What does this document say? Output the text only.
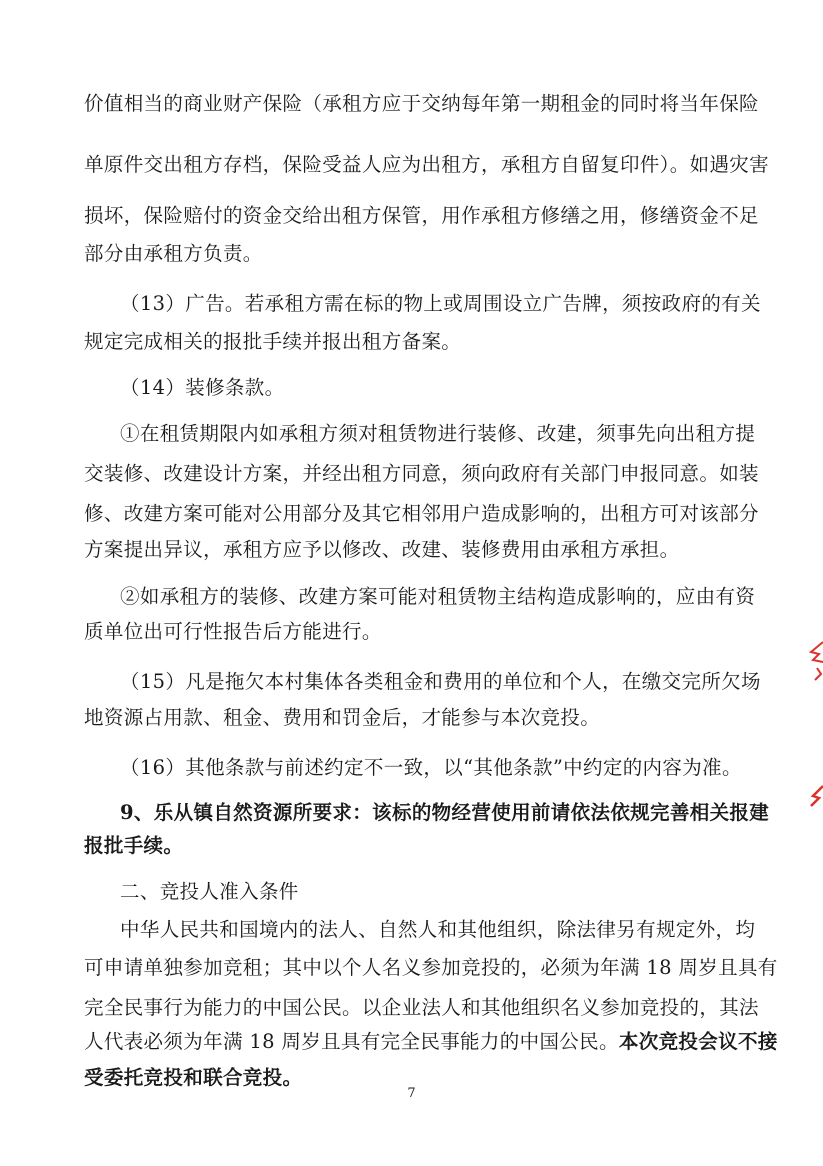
价值相当的商业财产保险（承租方应于交纳每年第一期租金的同时将当年保险
单原件交出租方存档，保险受益人应为出租方，承租方自留复印件）。如遇灾害
损坏，保险赔付的资金交给出租方保管，用作承租方修缮之用，修缮资金不足
部分由承租方负责。
（13）广告。若承租方需在标的物上或周围设立广告牌，须按政府的有关
规定完成相关的报批手续并报出租方备案。
（14）装修条款。
①在租赁期限内如承租方须对租赁物进行装修、改建，须事先向出租方提
交装修、改建设计方案，并经出租方同意，须向政府有关部门申报同意。如装
修、改建方案可能对公用部分及其它相邻用户造成影响的，出租方可对该部分
方案提出异议，承租方应予以修改、改建、装修费用由承租方承担。
②如承租方的装修、改建方案可能对租赁物主结构造成影响的，应由有资
质单位出可行性报告后方能进行。
（15）凡是拖欠本村集体各类租金和费用的单位和个人，在缴交完所欠场
地资源占用款、租金、费用和罚金后，才能参与本次竞投。
（16）其他条款与前述约定不一致，以“其他条款”中约定的内容为准。
9、乐从镇自然资源所要求：该标的物经营使用前请依法依规完善相关报建
报批手续。
二、竞投人准入条件
中华人民共和国境内的法人、自然人和其他组织，除法律另有规定外，均
可申请单独参加竞租；其中以个人名义参加竞投的，必须为年满 18 周岁且具有
完全民事行为能力的中国公民。以企业法人和其他组织名义参加竞投的，其法
人代表必须为年满 18 周岁且具有完全民事能力的中国公民。本次竞投会议不接
受委托竞投和联合竞投。
7
